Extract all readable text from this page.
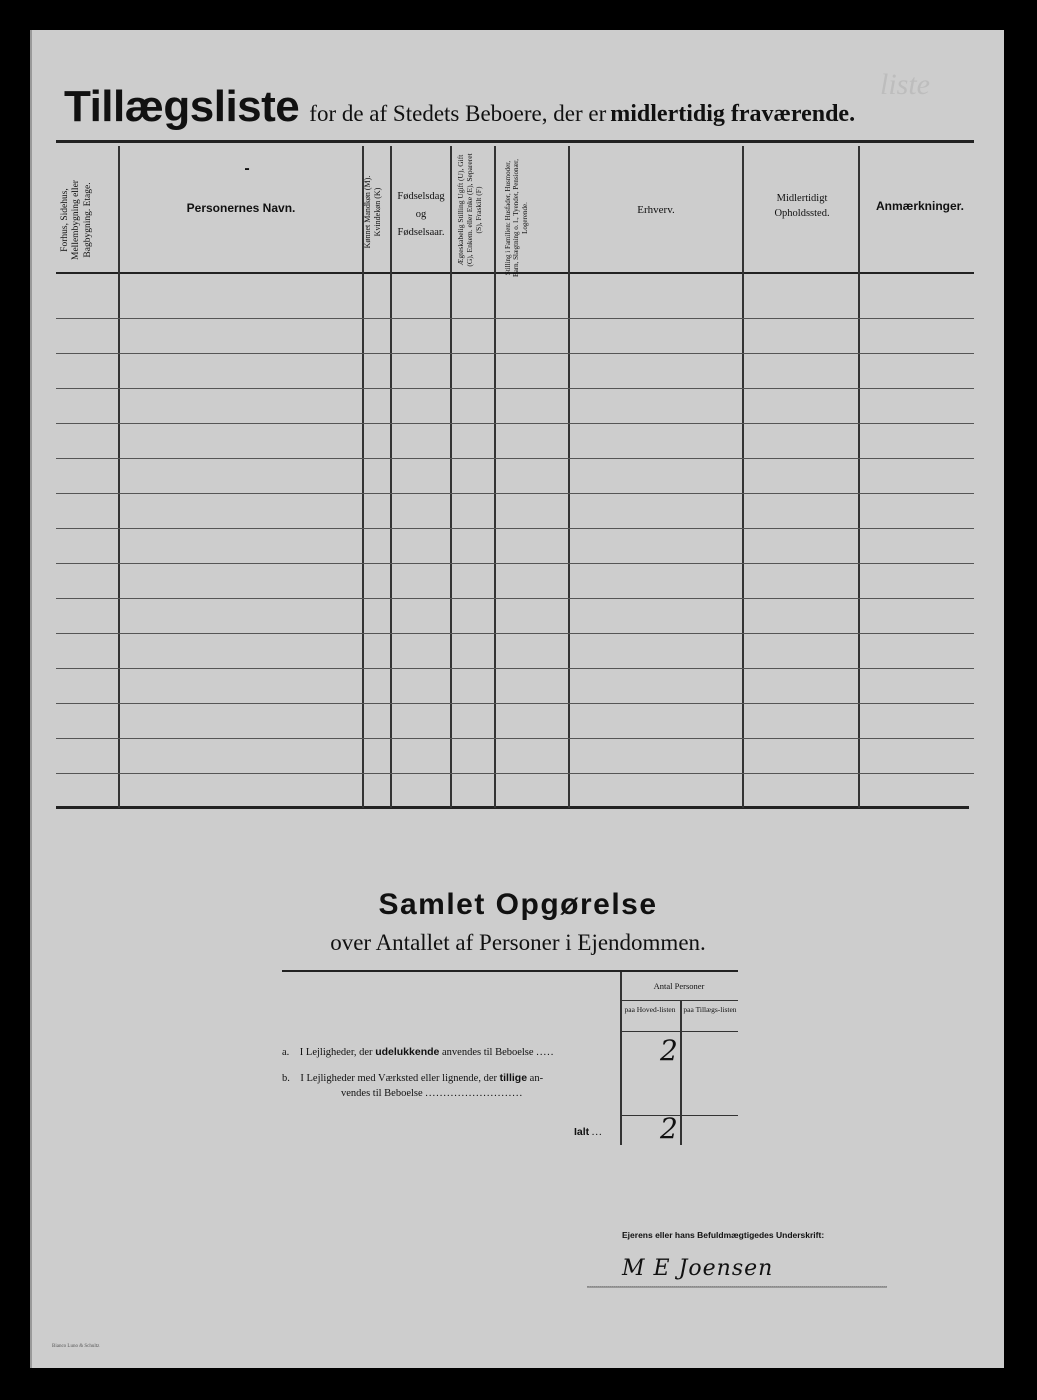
liste
Tillægsliste for de af Stedets Beboere, der er midlertidig fraværende.
Forhus, Sidehus, Mellembygning eller Bagbygning. Etage.
-
Personernes Navn.	Kønnet Mandkøn (M). Kvindekøn (K)	Fødselsdag og Fødselsaar.	Ægteskabelig Stilling Ugift (U), Gift (G), Enkem. eller Enke (E), Separeret (S), Fraskilt (F)	Stilling i Familien: Husfader, Husmoder, Barn, Slægtning o. l., Tyendet, Pensionær, Logerende.	Erhverv.
Midlertidigt Opholdssted.
Anmærkninger.
Samlet Opgørelse
over Antallet af Personer i Ejendommen.
Antal Personer
paa Hoved-listen	paa Tillægs-listen
a. I Lejligheder, der udelukkende anvendes til Beboelse .....	2
b. I Lejligheder med Værksted eller lignende, der tillige an-
vendes til Beboelse ...........................
Ialt ... 2
Ejerens eller hans Befuldmægtigedes Underskrift:
M E Joensen
Bianco Luno & Schultz
